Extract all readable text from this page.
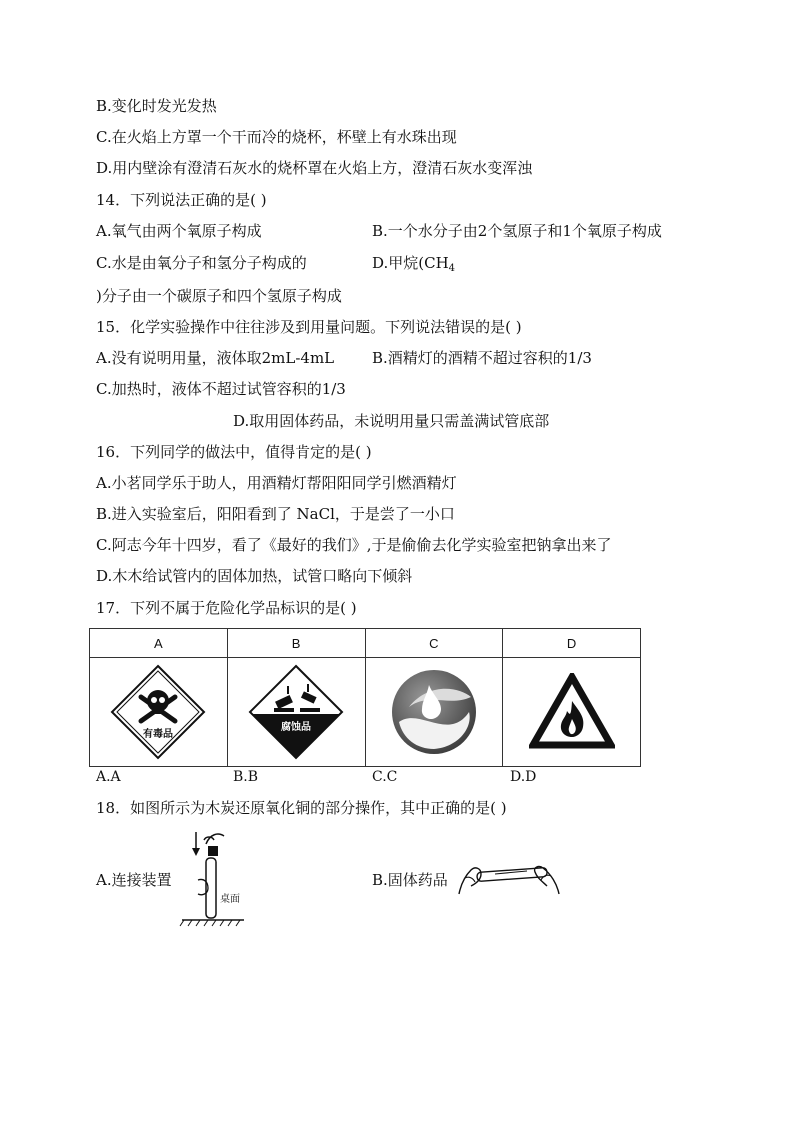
B.变化时发光发热
C.在火焰上方罩一个干而冷的烧杯，杯壁上有水珠出现
D.用内壁涂有澄清石灰水的烧杯罩在火焰上方，澄清石灰水变浑浊
14．下列说法正确的是( )
A.氧气由两个氧原子构成	B.一个水分子由2个氢原子和1个氧原子构成
C.水是由氧分子和氢分子构成的	D.甲烷($CH_4$
)分子由一个碳原子和四个氢原子构成
15．化学实验操作中往往涉及到用量问题。下列说法错误的是( )
A.没有说明用量，液体取2mL-4mL	B.酒精灯的酒精不超过容积的1/3
C.加热时，液体不超过试管容积的1/3
D.取用固体药品，未说明用量只需盖满试管底部
16．下列同学的做法中，值得肯定的是( )
A.小茗同学乐于助人，用酒精灯帮阳阳同学引燃酒精灯
B.进入实验室后，阳阳看到了 NaCl，于是尝了一小口
C.阿志今年十四岁，看了《最好的我们》,于是偷偷去化学实验室把钠拿出来了
D.木木给试管内的固体加热，试管口略向下倾斜
17．下列不属于危险化学品标识的是( )
A	B	C	D

有毒品	腐蚀品

A.A	B.B	C.C	D.D
18．如图所示为木炭还原氧化铜的部分操作，其中正确的是( )
A.连接装置
桌面
B.固体药品
